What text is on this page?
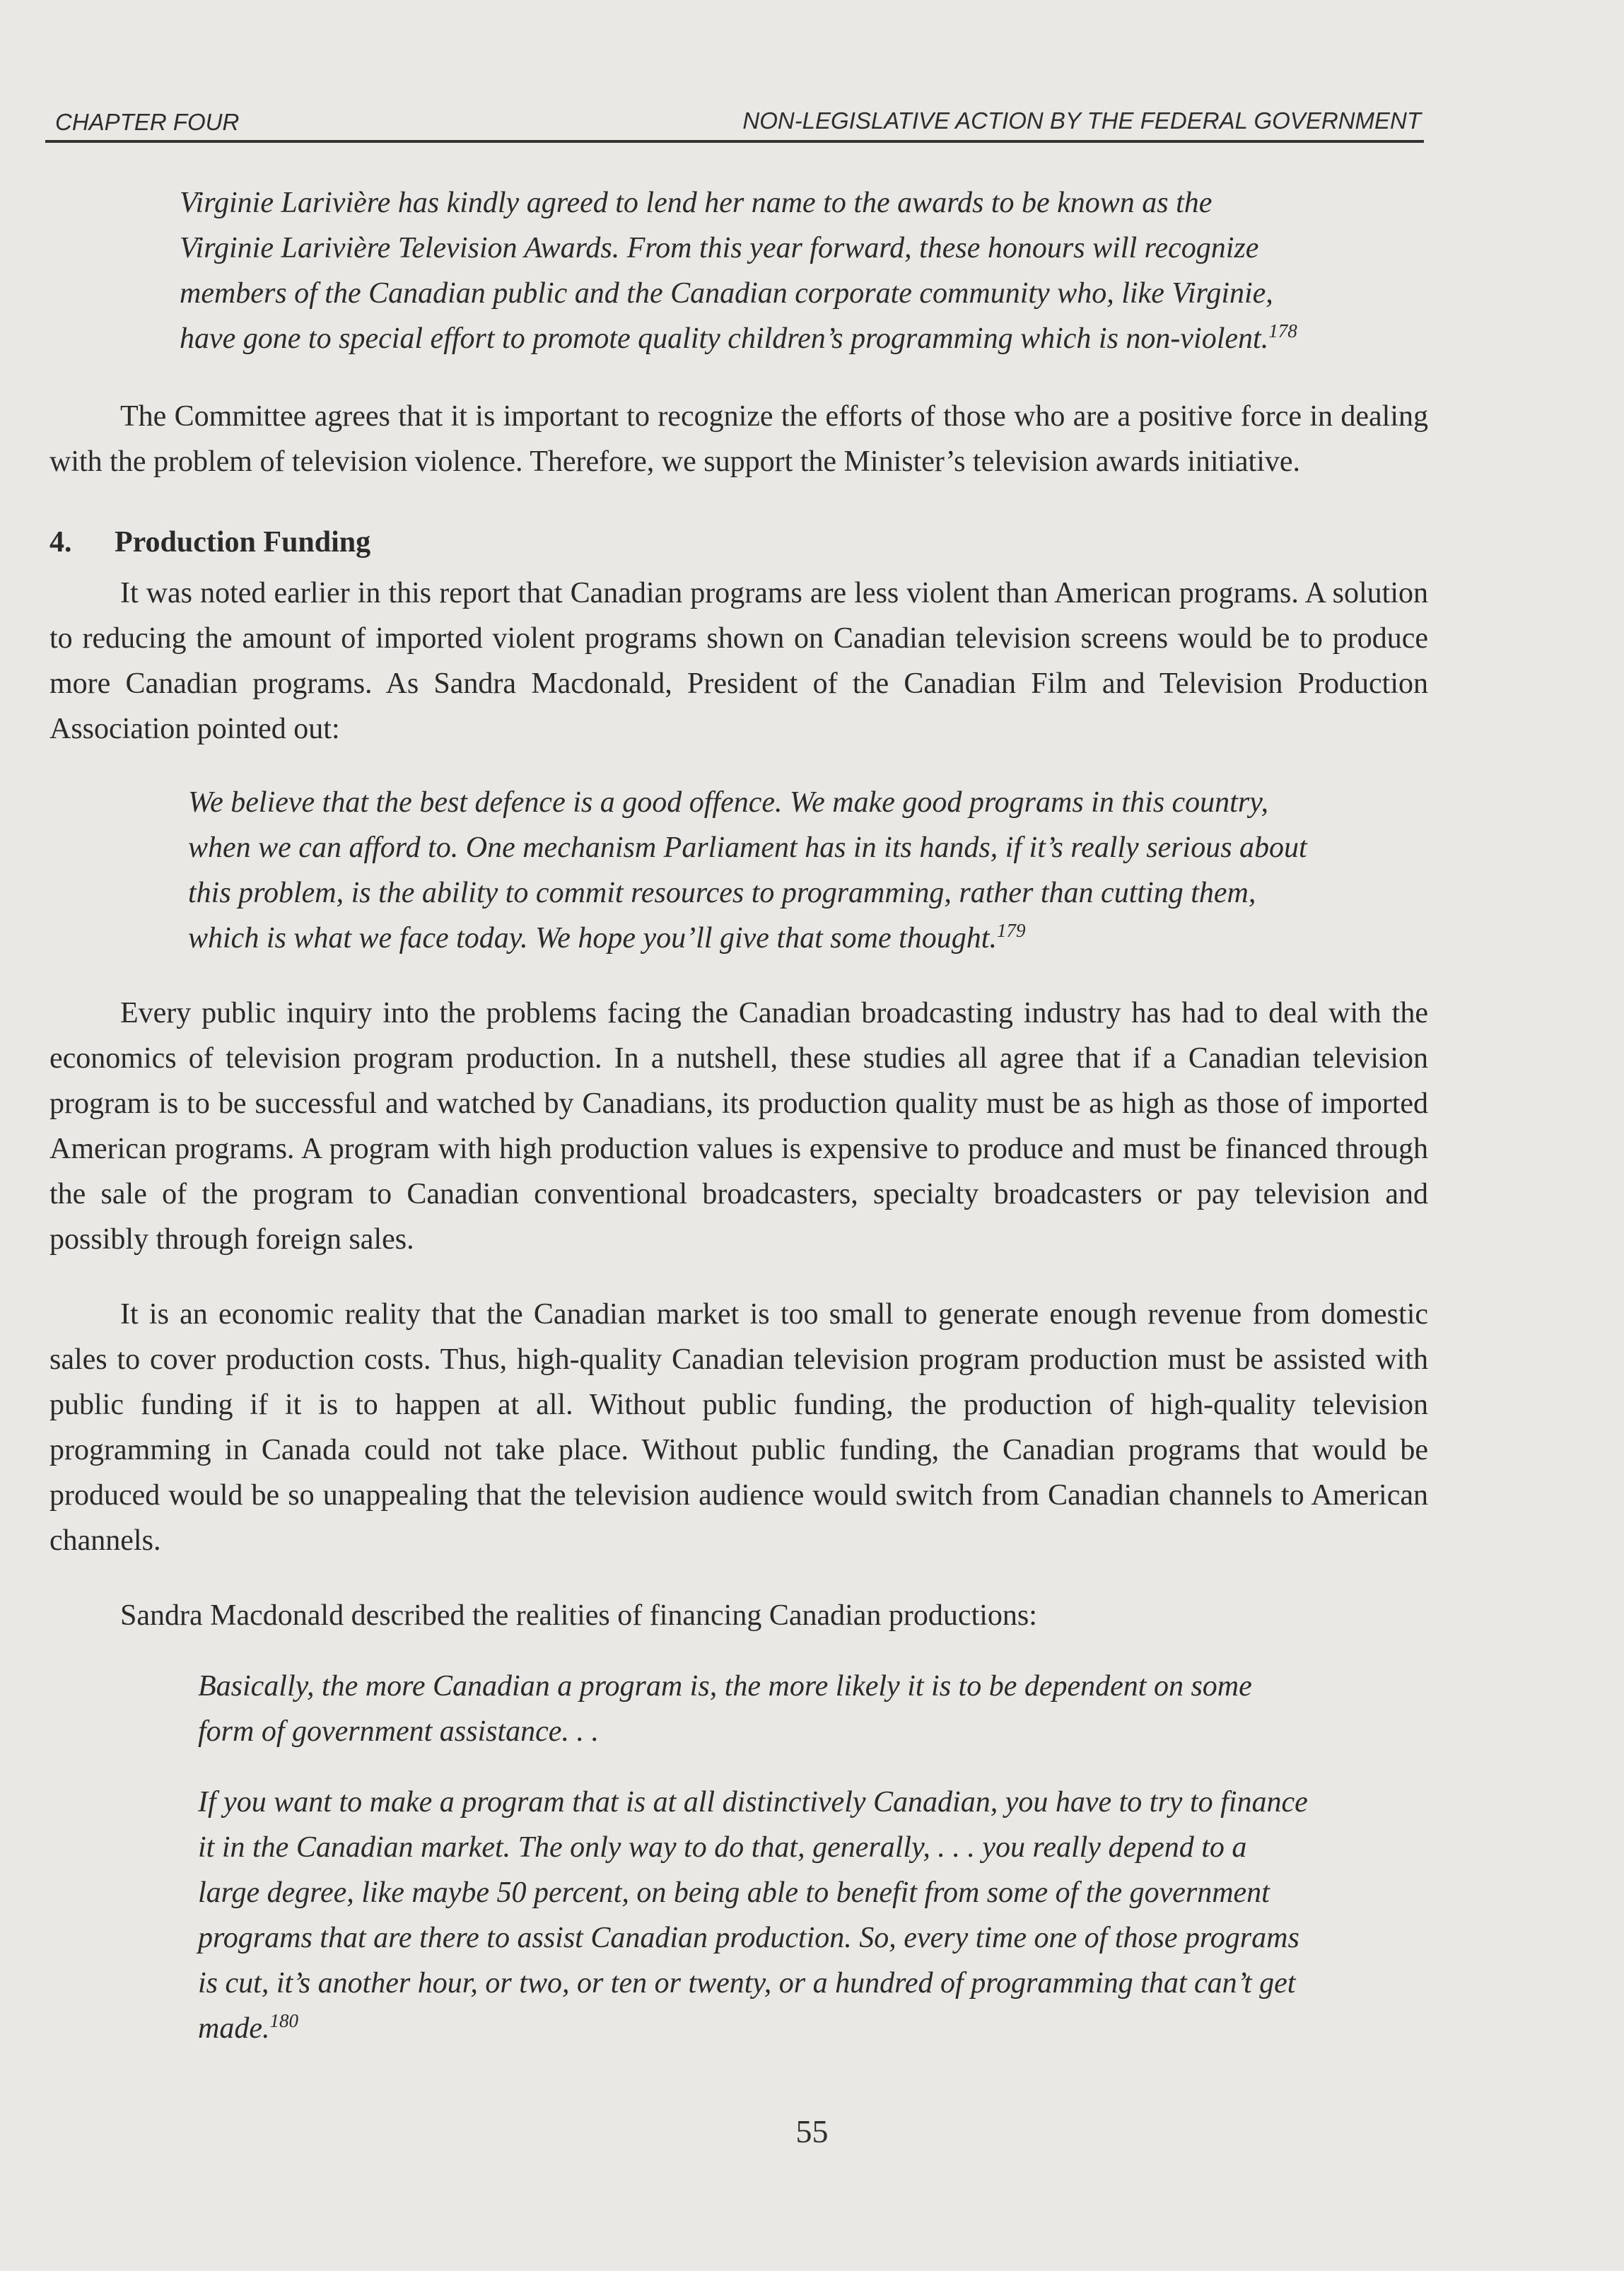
CHAPTER FOUR	NON-LEGISLATIVE ACTION BY THE FEDERAL GOVERNMENT
Virginie Larivière has kindly agreed to lend her name to the awards to be known as the Virginie Larivière Television Awards. From this year forward, these honours will recognize members of the Canadian public and the Canadian corporate community who, like Virginie, have gone to special effort to promote quality children’s programming which is non-violent.$^{178}$

The Committee agrees that it is important to recognize the efforts of those who are a positive force in dealing with the problem of television violence. Therefore, we support the Minister’s television awards initiative.

4. Production Funding

It was noted earlier in this report that Canadian programs are less violent than American programs. A solution to reducing the amount of imported violent programs shown on Canadian television screens would be to produce more Canadian programs. As Sandra Macdonald, President of the Canadian Film and Television Production Association pointed out:

We believe that the best defence is a good offence. We make good programs in this country, when we can afford to. One mechanism Parliament has in its hands, if it’s really serious about this problem, is the ability to commit resources to programming, rather than cutting them, which is what we face today. We hope you’ll give that some thought.$^{179}$

Every public inquiry into the problems facing the Canadian broadcasting industry has had to deal with the economics of television program production. In a nutshell, these studies all agree that if a Canadian television program is to be successful and watched by Canadians, its production quality must be as high as those of imported American programs. A program with high production values is expensive to produce and must be financed through the sale of the program to Canadian conventional broadcasters, specialty broadcasters or pay television and possibly through foreign sales.

It is an economic reality that the Canadian market is too small to generate enough revenue from domestic sales to cover production costs. Thus, high-quality Canadian television program production must be assisted with public funding if it is to happen at all. Without public funding, the production of high-quality television programming in Canada could not take place. Without public funding, the Canadian programs that would be produced would be so unappealing that the television audience would switch from Canadian channels to American channels.

Sandra Macdonald described the realities of financing Canadian productions:

Basically, the more Canadian a program is, the more likely it is to be dependent on some form of government assistance. . .
If you want to make a program that is at all distinctively Canadian, you have to try to finance it in the Canadian market. The only way to do that, generally, . . . you really depend to a large degree, like maybe 50 percent, on being able to benefit from some of the government programs that are there to assist Canadian production. So, every time one of those programs is cut, it’s another hour, or two, or ten or twenty, or a hundred of programming that can’t get made.$^{180}$
55
